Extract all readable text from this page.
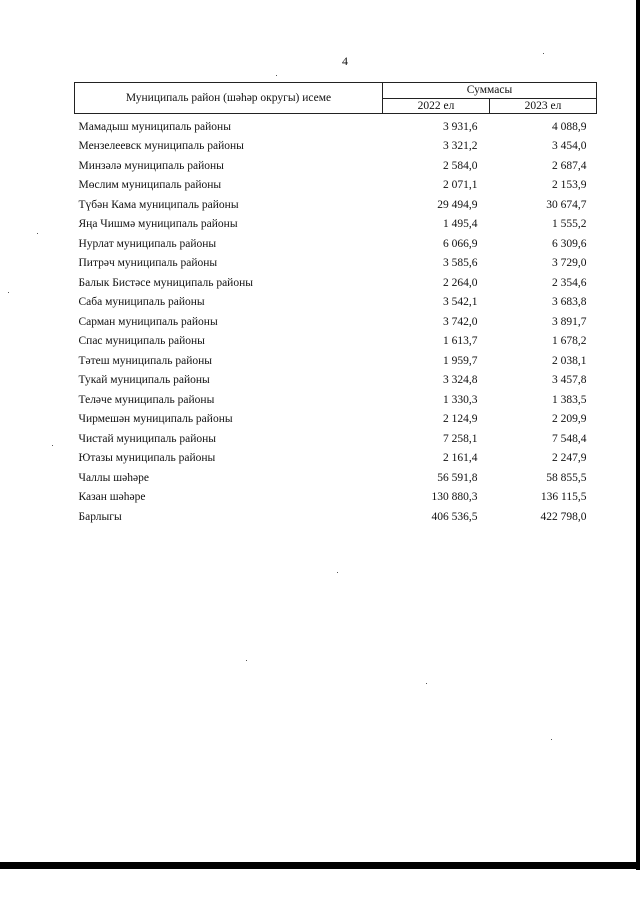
4
Муниципаль район (шәһәр округы) исеме	Суммасы	
	2022 ел	2023 ел
Мамадыш муниципаль районы	3 931,6	4 088,9
Мензелеевск муниципаль районы	3 321,2	3 454,0
Минзәлә муниципаль районы	2 584,0	2 687,4
Мөслим муниципаль районы	2 071,1	2 153,9
Түбән Кама муниципаль районы	29 494,9	30 674,7
Яңа Чишмә муниципаль районы	1 495,4	1 555,2
Нурлат муниципаль районы	6 066,9	6 309,6
Питрәч муниципаль районы	3 585,6	3 729,0
Балык Бистәсе муниципаль районы	2 264,0	2 354,6
Саба муниципаль районы	3 542,1	3 683,8
Сарман муниципаль районы	3 742,0	3 891,7
Спас муниципаль районы	1 613,7	1 678,2
Тәтеш муниципаль районы	1 959,7	2 038,1
Тукай муниципаль районы	3 324,8	3 457,8
Теләче муниципаль районы	1 330,3	1 383,5
Чирмешән муниципаль районы	2 124,9	2 209,9
Чистай муниципаль районы	7 258,1	7 548,4
Ютазы муниципаль районы	2 161,4	2 247,9
Чаллы шәһәре	56 591,8	58 855,5
Казан шәһәре	130 880,3	136 115,5
Барлыгы	406 536,5	422 798,0
